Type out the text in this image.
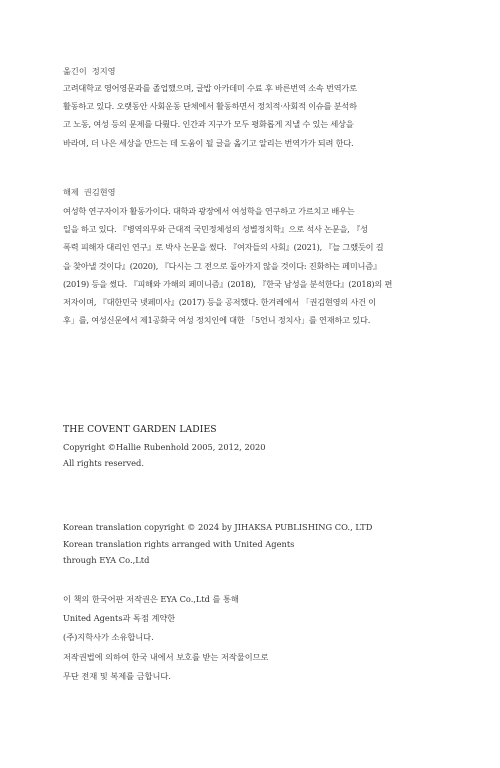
옮긴이 정지영
고려대학교 영어영문과를 졸업했으며, 글밥 아카데미 수료 후 바른번역 소속 번역가로
활동하고 있다. 오랫동안 사회운동 단체에서 활동하면서 정치적·사회적 이슈를 분석하
고 노동, 여성 등의 문제를 다뤘다. 인간과 지구가 모두 평화롭게 지낼 수 있는 세상을
바라며, 더 나은 세상을 만드는 데 도움이 될 글을 옮기고 알리는 번역가가 되려 한다.
해제 권김현영
여성학 연구자이자 활동가이다. 대학과 광장에서 여성학을 연구하고 가르치고 배우는
일을 하고 있다. 『병역의무와 근대적 국민정체성의 성별정치학』으로 석사 논문을, 『성
폭력 피해자 대리인 연구』로 박사 논문을 썼다. 『여자들의 사회』(2021), 『늘 그랬듯이 길
을 찾아낼 것이다』(2020), 『다시는 그 전으로 돌아가지 않을 것이다: 진화하는 페미니즘』
(2019) 등을 썼다. 『피해와 가해의 페미니즘』(2018), 『한국 남성을 분석한다』(2018)의 편
저자이며, 『대한민국 넷페미사』(2017) 등을 공저했다. 한겨레에서 「권김현영의 사건 이
후」를, 여성신문에서 제1공화국 여성 정치인에 대한 「5언니 정치사」를 연재하고 있다.
THE COVENT GARDEN LADIES
Copyright ©Hallie Rubenhold 2005, 2012, 2020
All rights reserved.
Korean translation copyright © 2024 by JIHAKSA PUBLISHING CO., LTD
Korean translation rights arranged with United Agents
through EYA Co.,Ltd
이 책의 한국어판 저작권은 EYA Co.,Ltd 를 통해
United Agents과 독점 계약한
(주)지학사가 소유합니다.
저작권법에 의하여 한국 내에서 보호를 받는 저작물이므로
무단 전재 및 복제를 금합니다.
